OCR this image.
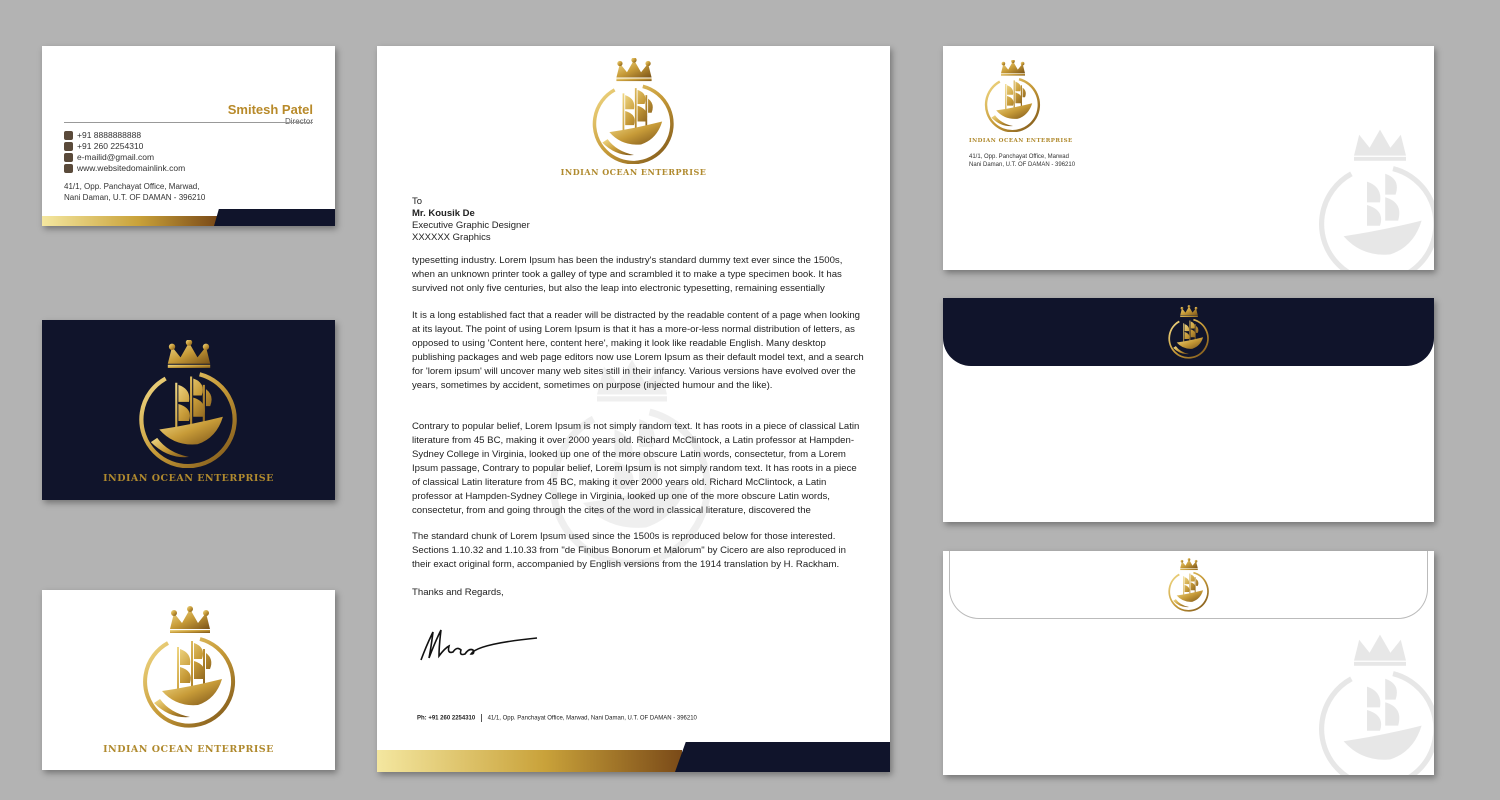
Smitesh Patel
+91 8888888888
+91 260 2254310
e-mailid@gmail.com
www.websitedomainlink.com
41/1, Opp. Panchayat Office, Marwad,
Nani Daman, U.T. OF DAMAN - 396210
INDIAN OCEAN ENTERPRISE
INDIAN OCEAN ENTERPRISE
INDIAN OCEAN ENTERPRISE
To
Mr. Kousik De
Executive Graphic Designer
XXXXXX Graphics
typesetting industry. Lorem Ipsum has been the industry's standard dummy text ever since the 1500s, when an unknown printer took a galley of type and scrambled it to make a type specimen book. It has survived not only five centuries, but also the leap into electronic typesetting, remaining essentially
It is a long established fact that a reader will be distracted by the readable content of a page when looking at its layout. The point of using Lorem Ipsum is that it has a more-or-less normal distribution of letters, as opposed to using 'Content here, content here', making it look like readable English. Many desktop publishing packages and web page editors now use Lorem Ipsum as their default model text, and a search for 'lorem ipsum' will uncover many web sites still in their infancy. Various versions have evolved over the years, sometimes by accident, sometimes on purpose (injected humour and the like).
Contrary to popular belief, Lorem Ipsum is not simply random text. It has roots in a piece of classical Latin literature from 45 BC, making it over 2000 years old. Richard McClintock, a Latin professor at Hampden-Sydney College in Virginia, looked up one of the more obscure Latin words, consectetur, from a Lorem Ipsum passage, Contrary to popular belief, Lorem Ipsum is not simply random text. It has roots in a piece of classical Latin literature from 45 BC, making it over 2000 years old. Richard McClintock, a Latin professor at Hampden-Sydney College in Virginia, looked up one of the more obscure Latin words, consectetur, from and going through the cites of the word in classical literature, discovered the
The standard chunk of Lorem Ipsum used since the 1500s is reproduced below for those interested. Sections 1.10.32 and 1.10.33 from "de Finibus Bonorum et Malorum" by Cicero are also reproduced in their exact original form, accompanied by English versions from the 1914 translation by H. Rackham.
Thanks and Regards,
Ph: +91 260 2254310 41/1, Opp. Panchayat Office, Marwad, Nani Daman, U.T. OF DAMAN - 396210
INDIAN OCEAN ENTERPRISE
41/1, Opp. Panchayat Office, Marwad
Nani Daman, U.T. OF DAMAN - 396210
